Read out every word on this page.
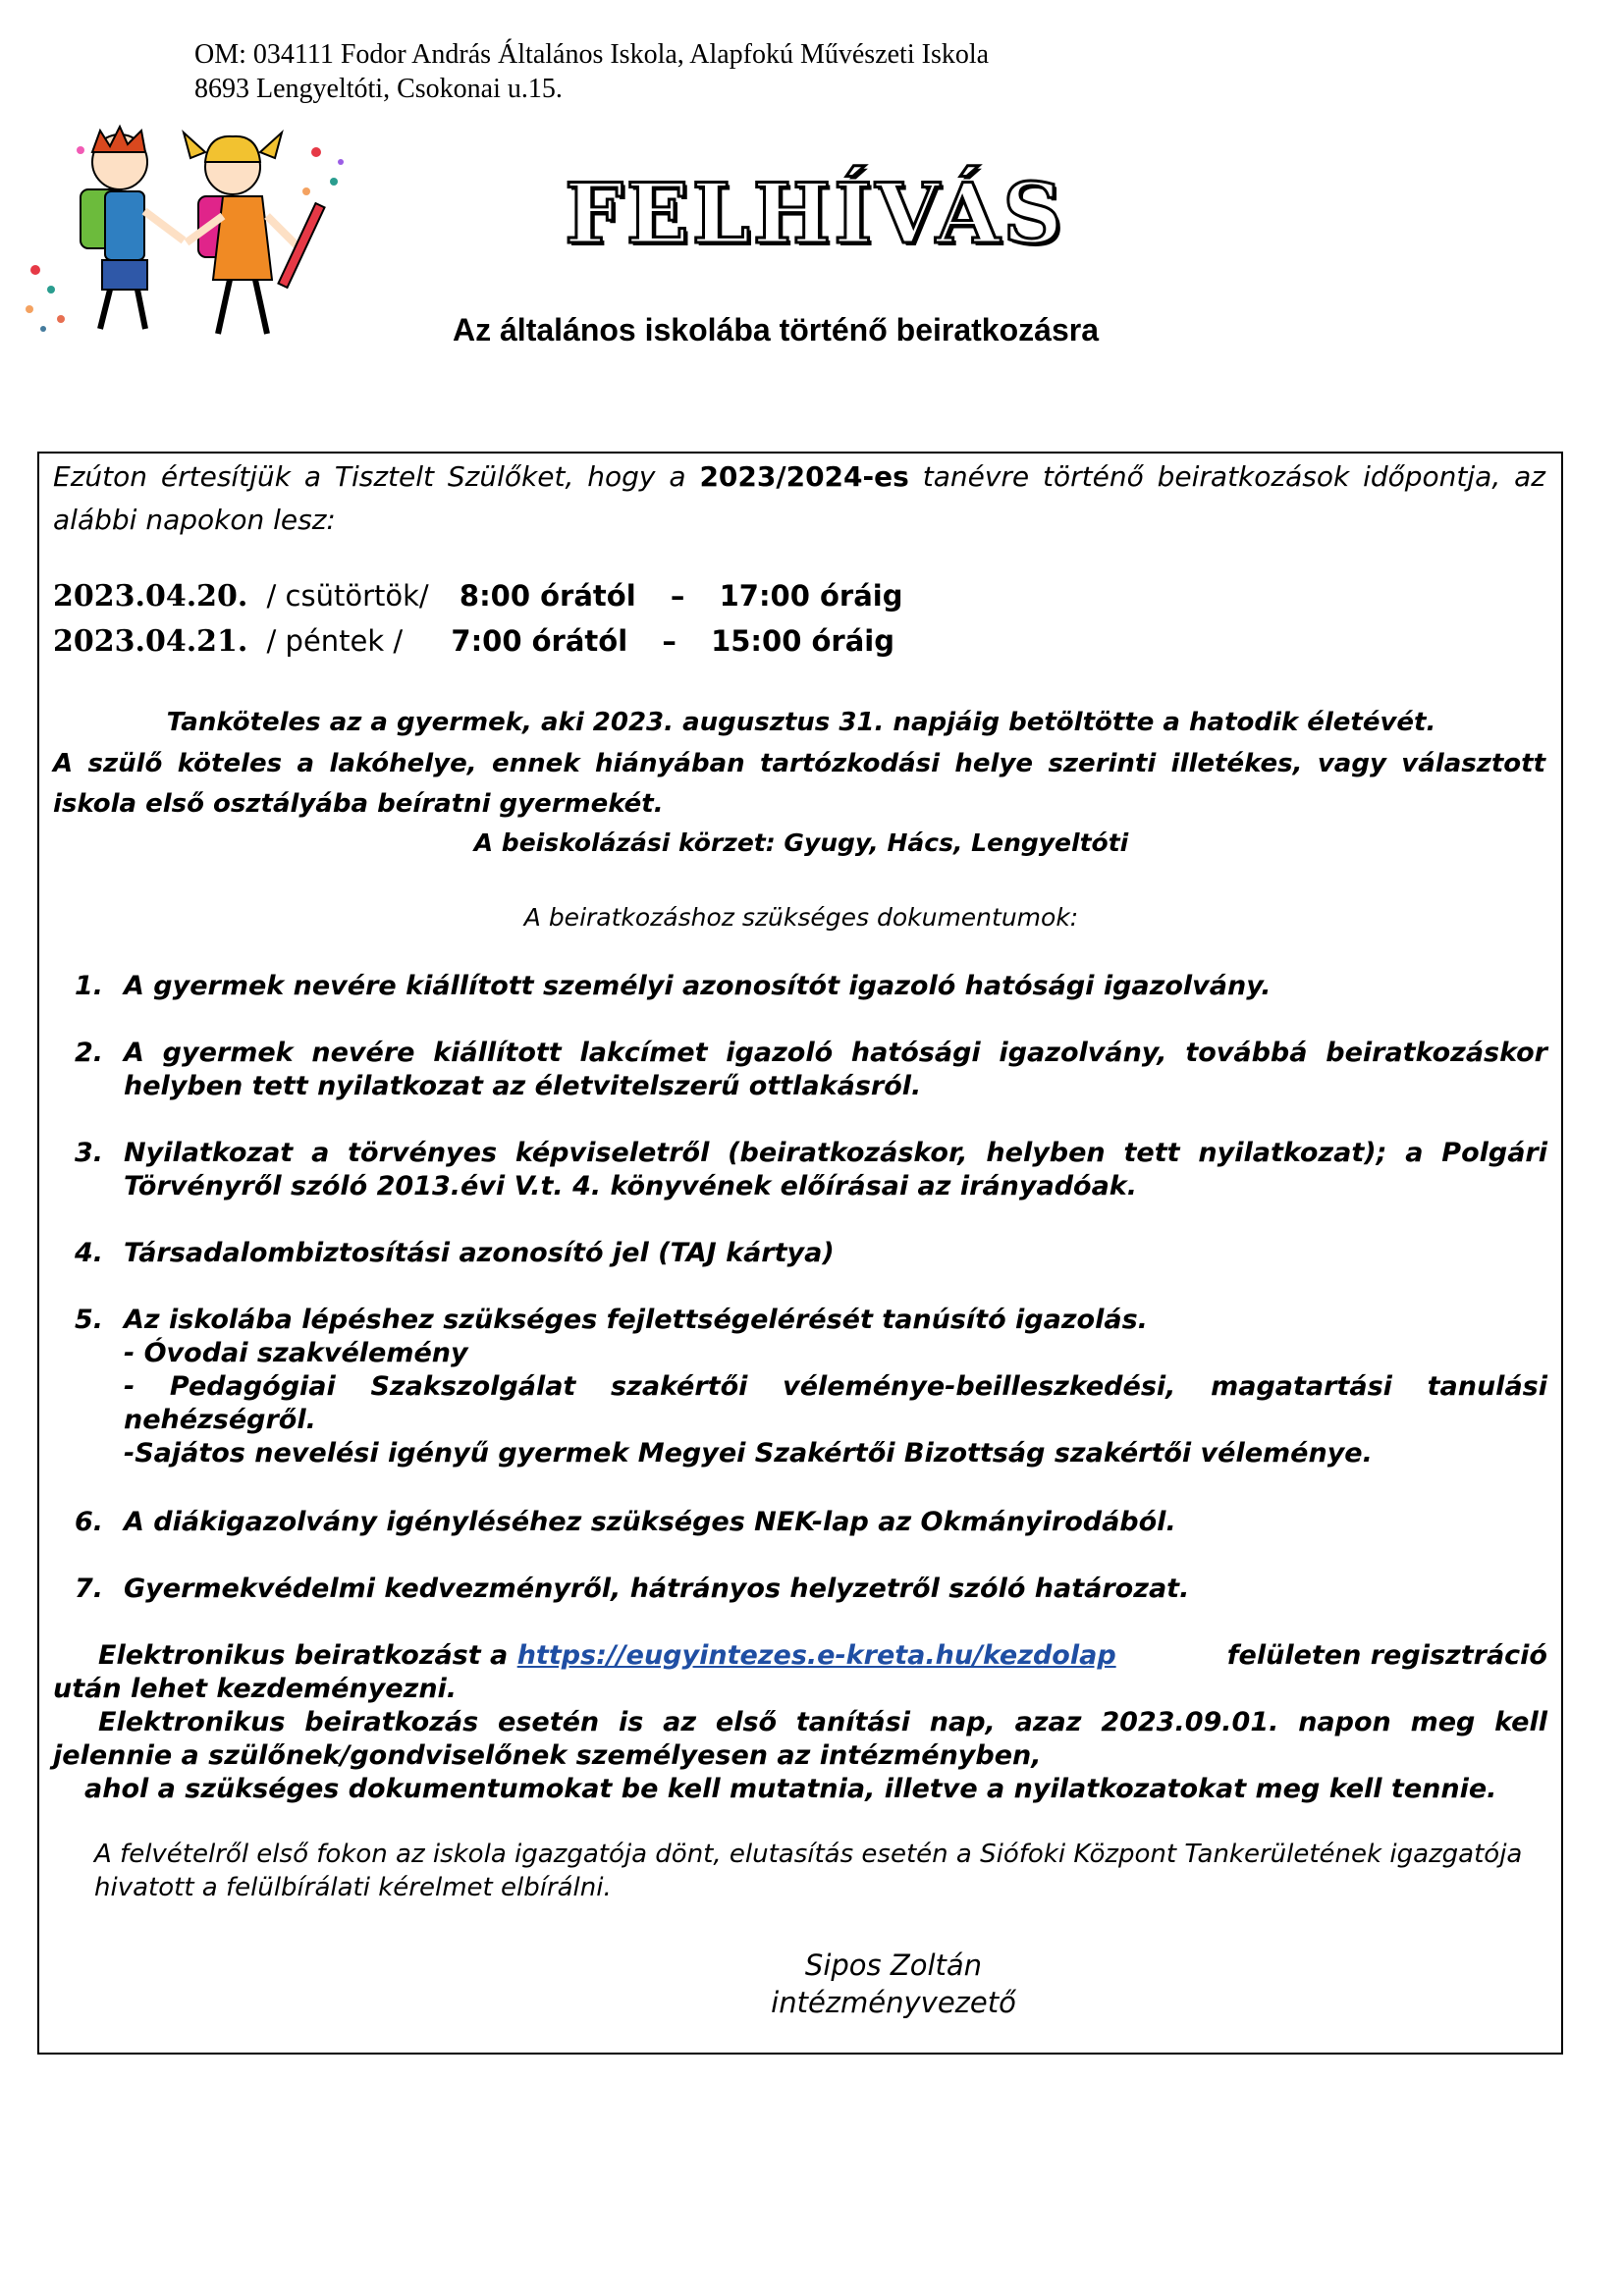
OM: 034111 Fodor András Általános Iskola, Alapfokú Művészeti Iskola
8693 Lengyeltóti, Csokonai u.15.
FELHÍVÁS
Az általános iskolába történő beiratkozásra

Ezúton értesítjük a Tisztelt Szülőket, hogy a 2023/2024-es tanévre történő beiratkozások időpontja, az alábbi napokon lesz:

2023.04.20. / csütörtök/ 8:00 órától – 17:00 óráig
2023.04.21. / péntek / 7:00 órától – 15:00 óráig

Tanköteles az a gyermek, aki 2023. augusztus 31. napjáig betöltötte a hatodik életévét.

A szülő köteles a lakóhelye, ennek hiányában tartózkodási helye szerinti illetékes, vagy választott iskola első osztályába beíratni gyermekét.

A beiskolázási körzet: Gyugy, Hács, Lengyeltóti

A beiratkozáshoz szükséges dokumentumok:

1. A gyermek nevére kiállított személyi azonosítót igazoló hatósági igazolvány.
2. A gyermek nevére kiállított lakcímet igazoló hatósági igazolvány, továbbá beiratkozáskor
helyben tett nyilatkozat az életvitelszerű ottlakásról.
3. Nyilatkozat a törvényes képviseletről (beiratkozáskor, helyben tett nyilatkozat); a Polgári
Törvényről szóló 2013.évi V.t. 4. könyvének előírásai az irányadóak.
4. Társadalombiztosítási azonosító jel (TAJ kártya)
5. Az iskolába lépéshez szükséges fejlettségelérését tanúsító igazolás.
- Óvodai szakvélemény
- Pedagógiai Szakszolgálat szakértői véleménye-beilleszkedési, magatartási tanulási
nehézségről.
-Sajátos nevelési igényű gyermek Megyei Szakértői Bizottság szakértői véleménye.
6. A diákigazolvány igényléséhez szükséges NEK-lap az Okmányirodából.
7. Gyermekvédelmi kedvezményről, hátrányos helyzetről szóló határozat.
Elektronikus beiratkozást a https://eugyintezes.e-kreta.hu/kezdolap	felületen regisztráció
után lehet kezdeményezni.
Elektronikus beiratkozás esetén is az első tanítási nap, azaz 2023.09.01. napon meg kell
jelennie a szülőnek/gondviselőnek személyesen az intézményben,
ahol a szükséges dokumentumokat be kell mutatnia, illetve a nyilatkozatokat meg kell tennie.

A felvételről első fokon az iskola igazgatója dönt, elutasítás esetén a Siófoki Központ Tankerületének igazgatója hivatott a felülbírálati kérelmet elbírálni.

Sipos Zoltán
intézményvezető
